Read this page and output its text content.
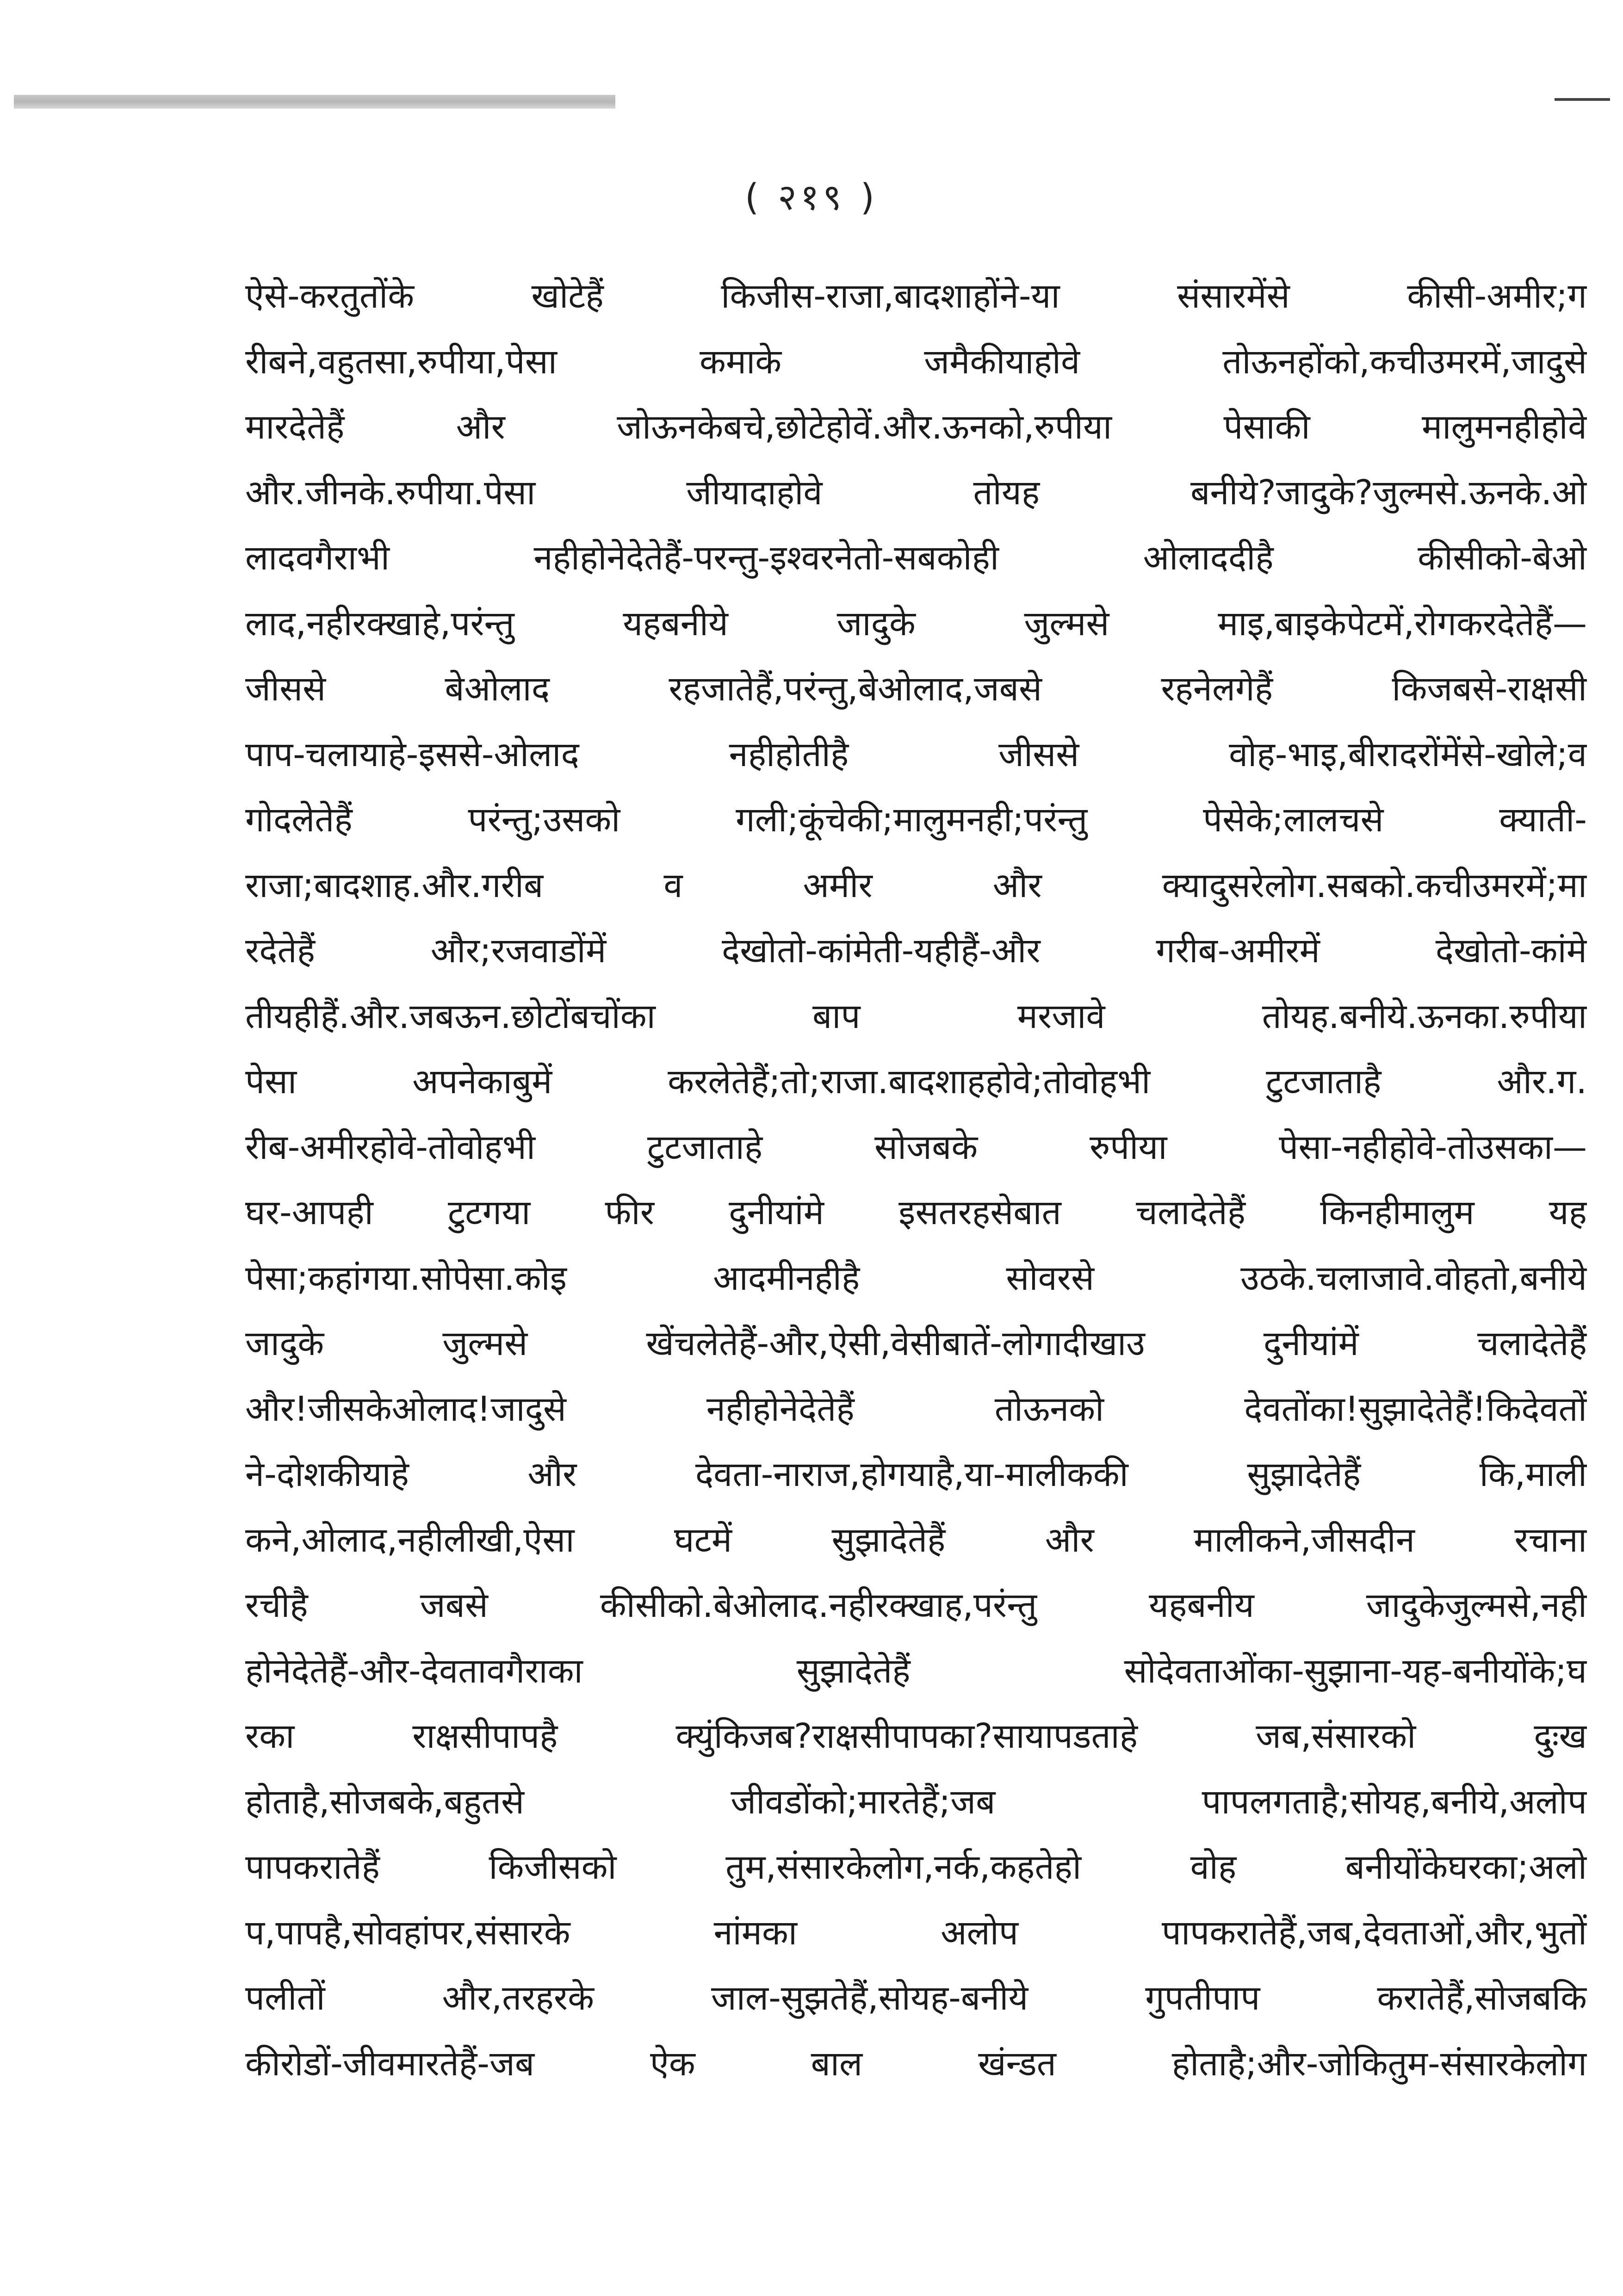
( २१९ )
ऐसे-करतुतोंके खोटेहैं किजीस-राजा,बादशाहोंने-या संसारमेंसे कीसी-अमीर;ग
रीबने,वहुतसा,रुपीया,पेसा कमाके जमैकीयाहोवे तोऊनहोंको,कचीउमरमें,जादुसे
मारदेतेहैं और जोऊनकेबचे,छोटेहोवें.और.ऊनको,रुपीया पेसाकी मालुमनहीहोवे
और.जीनके.रुपीया.पेसा जीयादाहोवे तोयह बनीये?जादुके?जुल्मसे.ऊनके.ओ
लादवगैराभी नहीहोनेदेतेहैं-परन्तु-इश्वरनेतो-सबकोही ओलाददीहै कीसीको-बेओ
लाद,नहीरक्खाहे,परंन्तु यहबनीये जादुके जुल्मसे माइ,बाइकेपेटमें,रोगकरदेतेहैं—
जीससे बेओलाद रहजातेहैं,परंन्तु,बेओलाद,जबसे रहनेलगेहैं किजबसे-राक्षसी
पाप-चलायाहे-इससे-ओलाद नहीहोतीहै जीससे वोह-भाइ,बीरादरोंमेंसे-खोले;व
गोदलेतेहैं परंन्तु;उसको गली;कूंचेकी;मालुमनही;परंन्तु पेसेके;लालचसे क्याती-
राजा;बादशाह.और.गरीब व अमीर और क्यादुसरेलोग.सबको.कचीउमरमें;मा
रदेतेहैं और;रजवाडोंमें देखोतो-कांमेती-यहीहैं-और गरीब-अमीरमें देखोतो-कांमे
तीयहीहैं.और.जबऊन.छोटोंबचोंका बाप मरजावे तोयह.बनीये.ऊनका.रुपीया
पेसा अपनेकाबुमें करलेतेहैं;तो;राजा.बादशाहहोवे;तोवोहभी टुटजाताहै और.ग.
रीब-अमीरहोवे-तोवोहभी टुटजाताहे सोजबके रुपीया पेसा-नहीहोवे-तोउसका—
घर-आपही टुटगया फीर दुनीयांमे इसतरहसेबात चलादेतेहैं किनहीमालुम यह
पेसा;कहांगया.सोपेसा.कोइ आदमीनहीहै सोवरसे उठके.चलाजावे.वोहतो,बनीये
जादुके जुल्मसे खेंचलेतेहैं-और,ऐसी,वेसीबातें-लोगादीखाउ दुनीयांमें चलादेतेहैं
और!जीसकेओलाद!जादुसे नहीहोनेदेतेहैं तोऊनको देवतोंका!सुझादेतेहैं!किदेवतों
ने-दोशकीयाहे और देवता-नाराज,होगयाहै,या-मालीककी सुझादेतेहैं कि,माली
कने,ओलाद,नहीलीखी,ऐसा घटमें सुझादेतेहैं और मालीकने,जीसदीन रचाना
रचीहै जबसे कीसीको.बेओलाद.नहीरक्खाह,परंन्तु यहबनीय जादुकेजुल्मसे,नही
होनेदेतेहैं-और-देवतावगैराका सुझादेतेहैं सोदेवताओंका-सुझाना-यह-बनीयोंके;घ
रका राक्षसीपापहै क्युंकिजब?राक्षसीपापका?सायापडताहे जब,संसारको दुःख
होताहै,सोजबके,बहुतसे जीवडोंको;मारतेहैं;जब पापलगताहै;सोयह,बनीये,अलोप
पापकरातेहैं किजीसको तुम,संसारकेलोग,नर्क,कहतेहो वोह बनीयोंकेघरका;अलो
प,पापहै,सोवहांपर,संसारके नांमका अलोप पापकरातेहैं,जब,देवताओं,और,भुतों
पलीतों और,तरहरके जाल-सुझतेहैं,सोयह-बनीये गुपतीपाप करातेहैं,सोजबकि
कीरोडों-जीवमारतेहैं-जब ऐक बाल खंन्डत होताहै;और-जोकितुम-संसारकेलोग
